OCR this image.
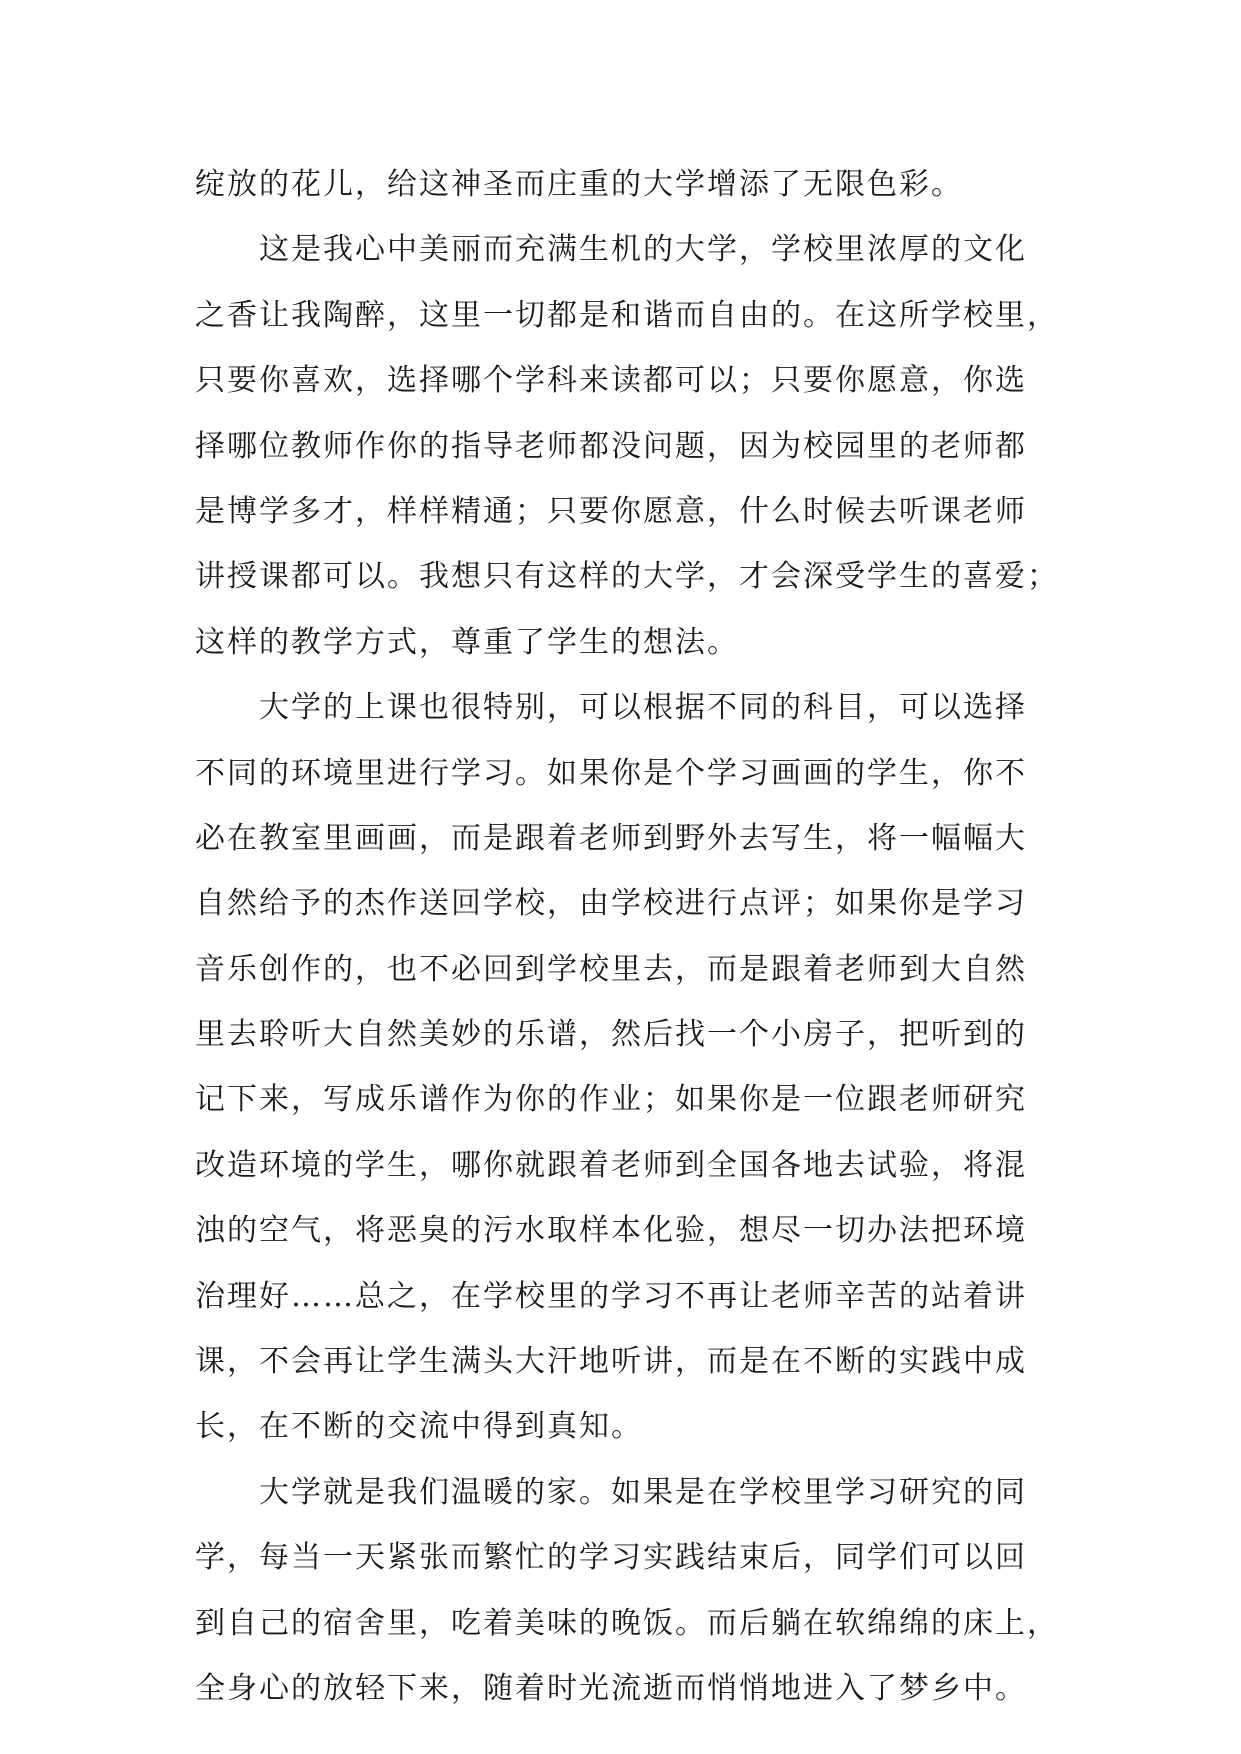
绽放的花儿，给这神圣而庄重的大学增添了无限色彩。
这是我心中美丽而充满生机的大学，学校里浓厚的文化
之香让我陶醉，这里一切都是和谐而自由的。在这所学校里，
只要你喜欢，选择哪个学科来读都可以；只要你愿意，你选
择哪位教师作你的指导老师都没问题，因为校园里的老师都
是博学多才，样样精通；只要你愿意，什么时候去听课老师
讲授课都可以。我想只有这样的大学，才会深受学生的喜爱；
这样的教学方式，尊重了学生的想法。
大学的上课也很特别，可以根据不同的科目，可以选择
不同的环境里进行学习。如果你是个学习画画的学生，你不
必在教室里画画，而是跟着老师到野外去写生，将一幅幅大
自然给予的杰作送回学校，由学校进行点评；如果你是学习
音乐创作的，也不必回到学校里去，而是跟着老师到大自然
里去聆听大自然美妙的乐谱，然后找一个小房子，把听到的
记下来，写成乐谱作为你的作业；如果你是一位跟老师研究
改造环境的学生，哪你就跟着老师到全国各地去试验，将混
浊的空气，将恶臭的污水取样本化验，想尽一切办法把环境
治理好……总之，在学校里的学习不再让老师辛苦的站着讲
课，不会再让学生满头大汗地听讲，而是在不断的实践中成
长，在不断的交流中得到真知。
大学就是我们温暖的家。如果是在学校里学习研究的同
学，每当一天紧张而繁忙的学习实践结束后，同学们可以回
到自己的宿舍里，吃着美味的晚饭。而后躺在软绵绵的床上，
全身心的放轻下来，随着时光流逝而悄悄地进入了梦乡中。
